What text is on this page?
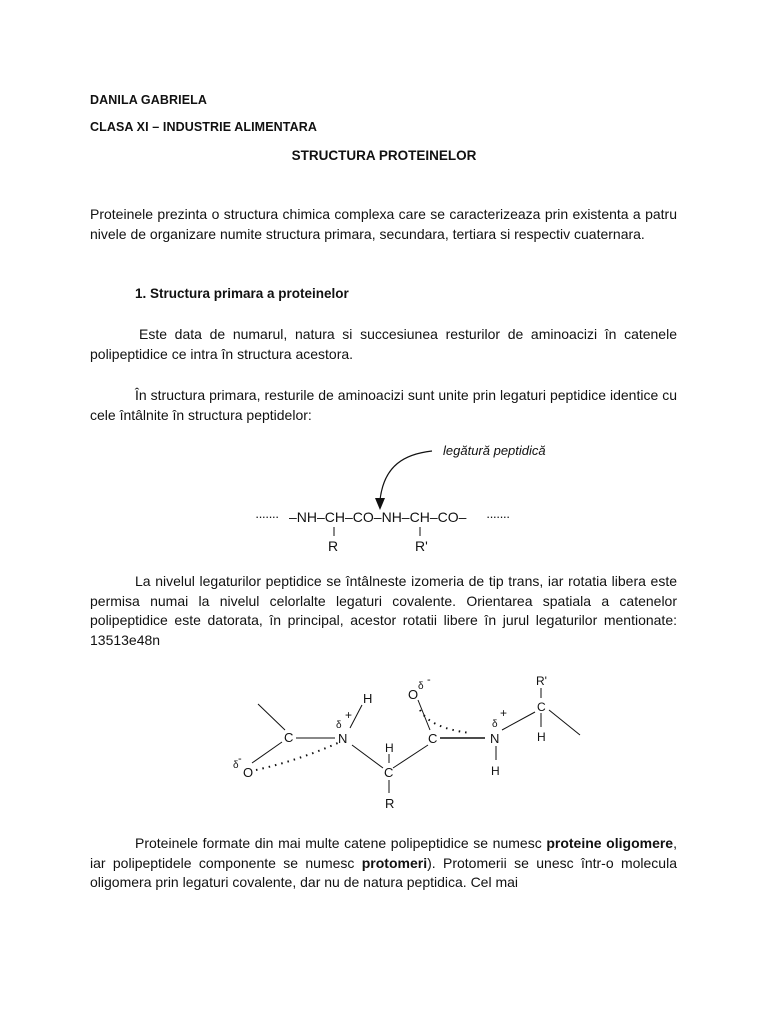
DANILA GABRIELA
CLASA XI – INDUSTRIE ALIMENTARA
STRUCTURA PROTEINELOR
Proteinele prezinta o structura chimica complexa care se caracterizeaza prin existenta a patru nivele de organizare numite structura primara, secundara, tertiara si respectiv cuaternara.
1. Structura primara a proteinelor
Este data de numarul, natura si succesiunea resturilor de aminoacizi în catenele polipeptidice ce intra în structura acestora.
În structura primara, resturile de aminoacizi sunt unite prin legaturi peptidice identice cu cele întâlnite în structura peptidelor:
legătură peptidică
······· –NH–CH–CO–NH–CH–CO– ·······
R	R'
La nivelul legaturilor peptidice se întâlneste izomeria de tip trans, iar rotatia libera este permisa numai la nivelul celorlalte legaturi covalente. Orientarea spatiala a catenelor polipeptidice este datorata, în principal, acestor rotatii libere în jurul legaturilor mentionate: 13513e48n
H
+
δ
N
C
δ
-
O
H
C
R
O
δ
-
C
+
δ
N
H
R'
C
H
Proteinele formate din mai multe catene polipeptidice se numesc proteine oligomere, iar polipeptidele componente se numesc protomeri). Protomerii se unesc într-o molecula oligomera prin legaturi covalente, dar nu de natura peptidica. Cel mai
